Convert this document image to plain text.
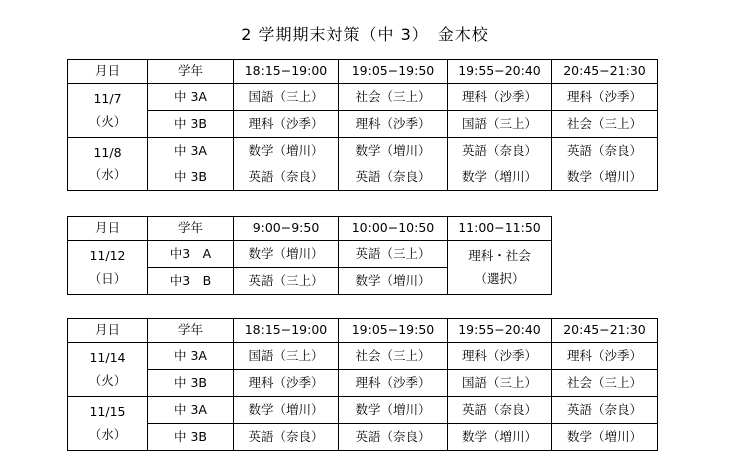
2 学期期末対策（中 3）　金木校
月日	学年	18:15−19:00	19:05−19:50	19:55−20:40	20:45−21:30

11/7
（火）	中 3A	国語（三上）	社会（三上）	理科（沙季）	理科（沙季）
	中 3B	理科（沙季）	理科（沙季）	国語（三上）	社会（三上）

11/8
（水）	中 3A	数学（増川）	数学（増川）	英語（奈良）	英語（奈良）
	中 3B	英語（奈良）	英語（奈良）	数学（増川）	数学（増川）
月日	学年	9:00−9:50	10:00−10:50	11:00−11:50

11/12
（日）	中3　A	数学（増川）	英語（三上）	理科・社会
（選択）

	中3　B	英語（三上）	数学（増川）	
月日	学年	18:15−19:00	19:05−19:50	19:55−20:40	20:45−21:30

11/14
（火）	中 3A	国語（三上）	社会（三上）	理科（沙季）	理科（沙季）
	中 3B	理科（沙季）	理科（沙季）	国語（三上）	社会（三上）

11/15
（水）	中 3A	数学（増川）	数学（増川）	英語（奈良）	英語（奈良）
	中 3B	英語（奈良）	英語（奈良）	数学（増川）	数学（増川）
